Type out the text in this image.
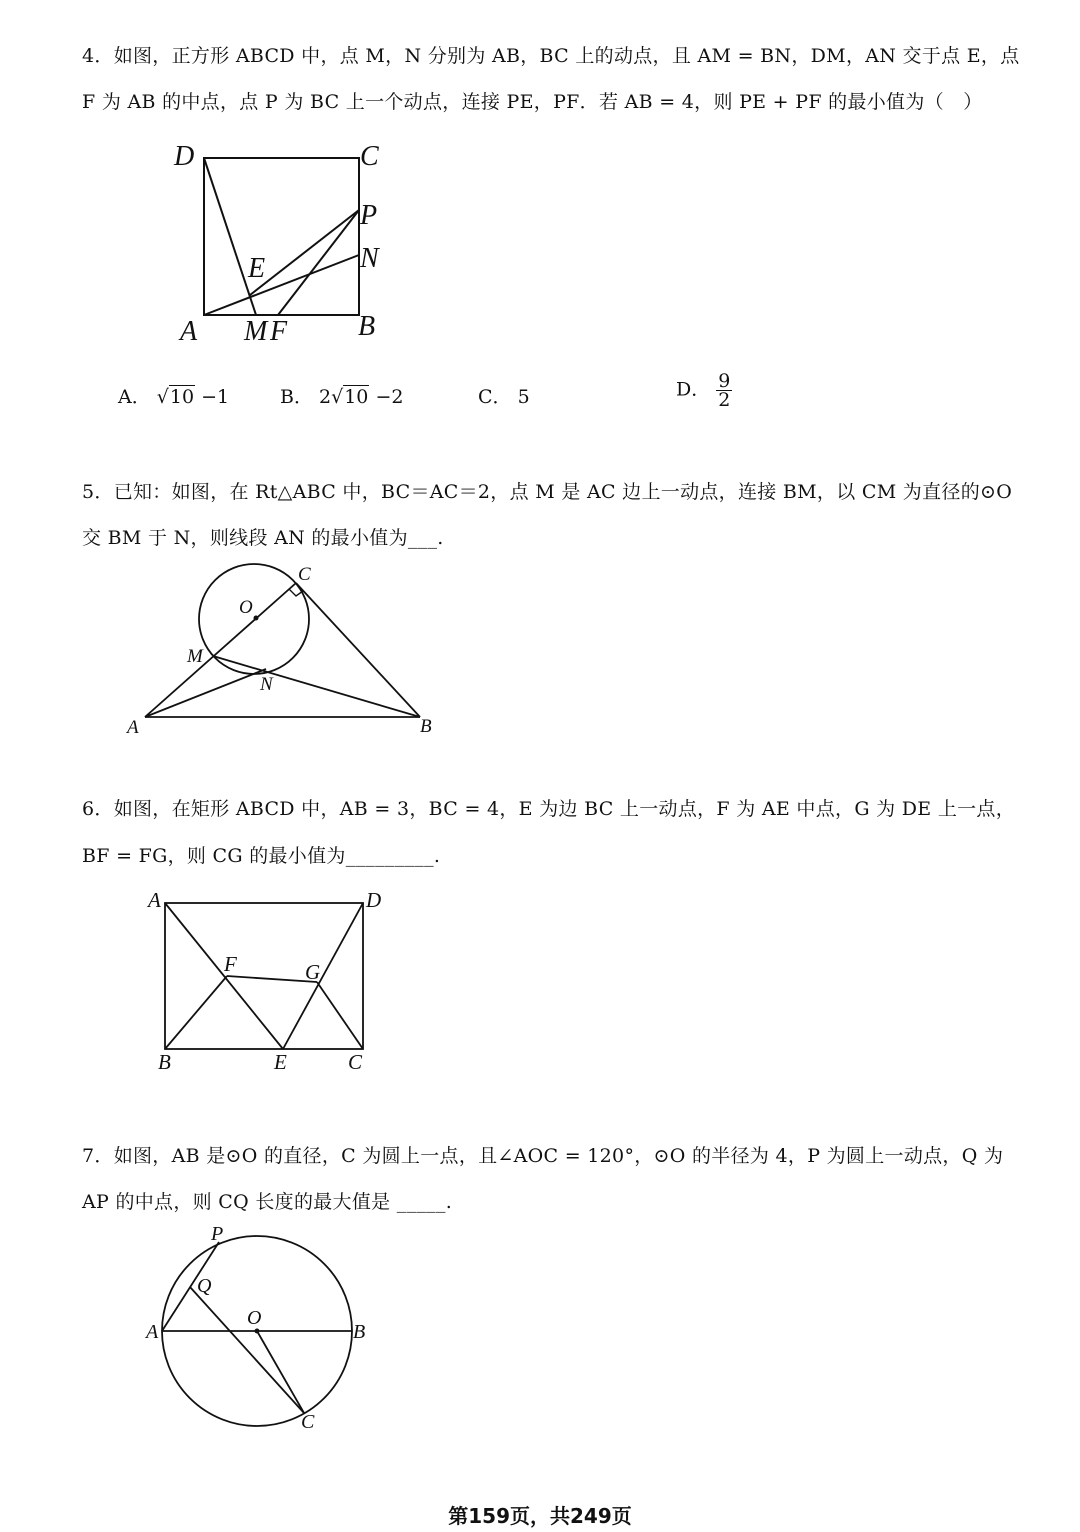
4．如图，正方形 ABCD 中，点 M，N 分别为 AB，BC 上的动点，且 AM = BN，DM，AN 交于点 E，点
F 为 AB 的中点，点 P 为 BC 上一个动点，连接 PE，PF．若 AB = 4，则 PE + PF 的最小值为（　）
D	C
P
N
E
A M F	B
A． √10 −1	B． 2√10 −2	C． 5	D． $\frac{9}{2}$
5．已知：如图，在 Rt△ABC 中，BC＝AC＝2，点 M 是 AC 边上一动点，连接 BM，以 CM 为直径的⊙O
交 BM 于 N，则线段 AN 的最小值为___.
C
O
M
N
A	B
6．如图，在矩形 ABCD 中，AB = 3，BC = 4，E 为边 BC 上一动点，F 为 AE 中点，G 为 DE 上一点，
BF = FG，则 CG 的最小值为_________.
A	D
F	G
B	E	C
7．如图，AB 是⊙O 的直径，C 为圆上一点，且∠AOC = 120°，⊙O 的半径为 4，P 为圆上一动点，Q 为
AP 的中点，则 CQ 长度的最大值是 _____.
P
Q
A
O
B
C
第159页，共249页
